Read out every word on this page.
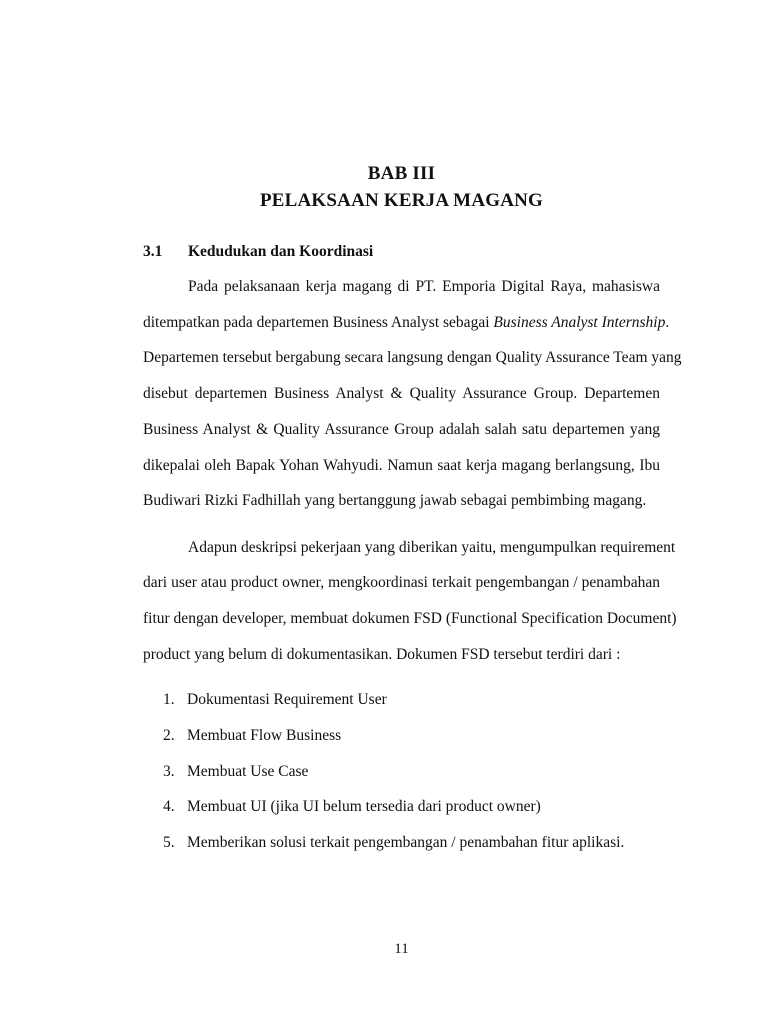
BAB III
PELAKSAAN KERJA MAGANG
3.1 Kedudukan dan Koordinasi
Pada pelaksanaan kerja magang di PT. Emporia Digital Raya, mahasiswa
ditempatkan pada departemen Business Analyst sebagai Business Analyst Internship.
Departemen tersebut bergabung secara langsung dengan Quality Assurance Team yang
disebut departemen Business Analyst & Quality Assurance Group. Departemen
Business Analyst & Quality Assurance Group adalah salah satu departemen yang
dikepalai oleh Bapak Yohan Wahyudi. Namun saat kerja magang berlangsung, Ibu
Budiwari Rizki Fadhillah yang bertanggung jawab sebagai pembimbing magang.
Adapun deskripsi pekerjaan yang diberikan yaitu, mengumpulkan requirement
dari user atau product owner, mengkoordinasi terkait pengembangan / penambahan
fitur dengan developer, membuat dokumen FSD (Functional Specification Document)
product yang belum di dokumentasikan. Dokumen FSD tersebut terdiri dari :
1. Dokumentasi Requirement User
2. Membuat Flow Business
3. Membuat Use Case
4. Membuat UI (jika UI belum tersedia dari product owner)
5. Memberikan solusi terkait pengembangan / penambahan fitur aplikasi.
11
